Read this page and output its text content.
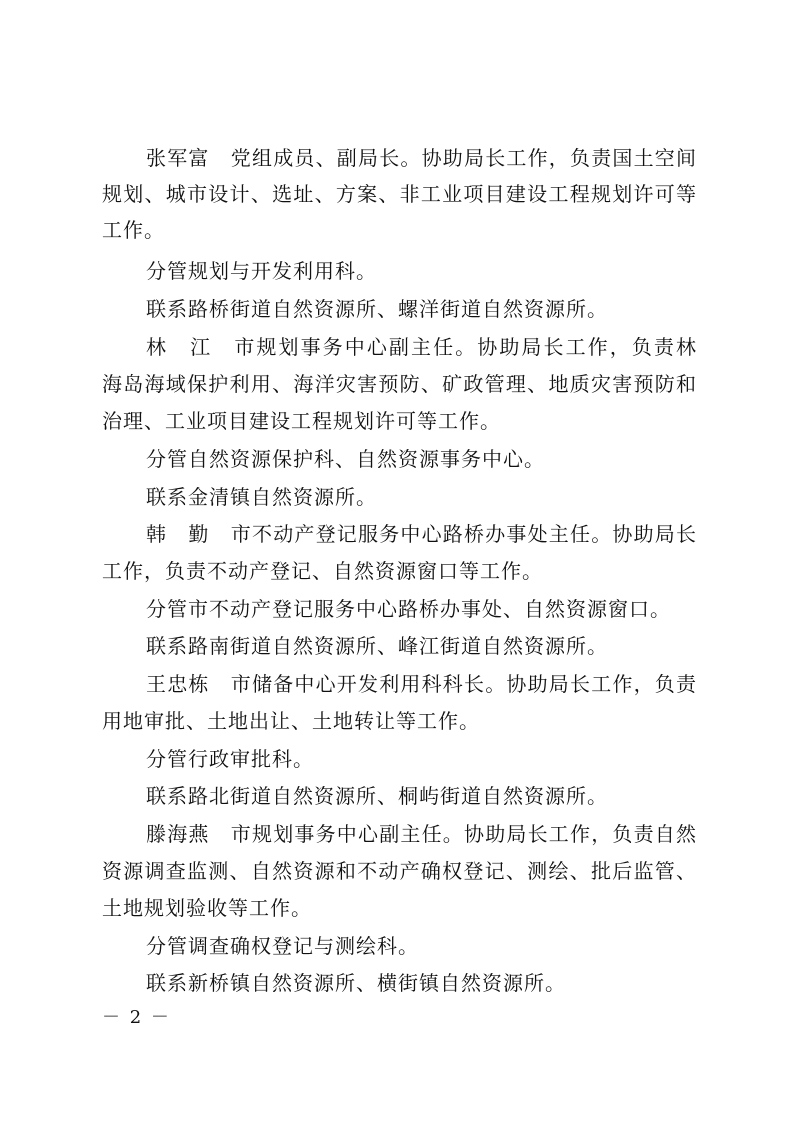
张军富　党组成员、副局长。协助局长工作，负责国土空间
规划、城市设计、选址、方案、非工业项目建设工程规划许可等
工作。
分管规划与开发利用科。
联系路桥街道自然资源所、螺洋街道自然资源所。
林　江　市规划事务中心副主任。协助局长工作，负责林
海岛海域保护利用、海洋灾害预防、矿政管理、地质灾害预防和
治理、工业项目建设工程规划许可等工作。
分管自然资源保护科、自然资源事务中心。
联系金清镇自然资源所。
韩　勤　市不动产登记服务中心路桥办事处主任。协助局长
工作，负责不动产登记、自然资源窗口等工作。
分管市不动产登记服务中心路桥办事处、自然资源窗口。
联系路南街道自然资源所、峰江街道自然资源所。
王忠栋　市储备中心开发利用科科长。协助局长工作，负责
用地审批、土地出让、土地转让等工作。
分管行政审批科。
联系路北街道自然资源所、桐屿街道自然资源所。
滕海燕　市规划事务中心副主任。协助局长工作，负责自然
资源调查监测、自然资源和不动产确权登记、测绘、批后监管、
土地规划验收等工作。
分管调查确权登记与测绘科。
联系新桥镇自然资源所、横街镇自然资源所。
－ 2 －
